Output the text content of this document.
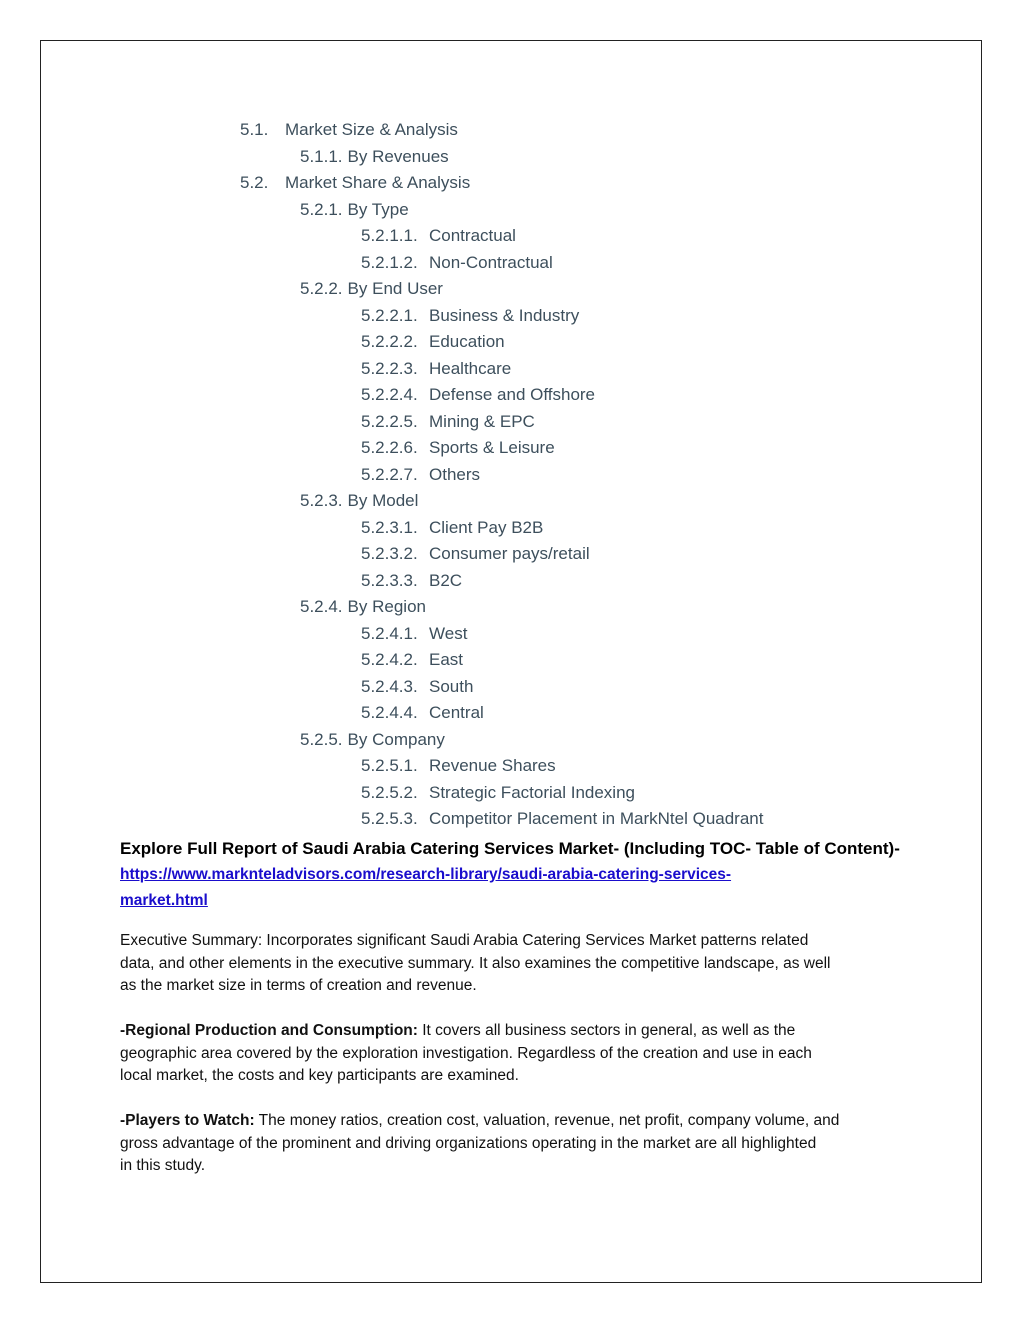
5.1. Market Size & Analysis
5.1.1. By Revenues
5.2. Market Share & Analysis
5.2.1. By Type
5.2.1.1. Contractual
5.2.1.2. Non-Contractual
5.2.2. By End User
5.2.2.1. Business & Industry
5.2.2.2. Education
5.2.2.3. Healthcare
5.2.2.4. Defense and Offshore
5.2.2.5. Mining & EPC
5.2.2.6. Sports & Leisure
5.2.2.7. Others
5.2.3. By Model
5.2.3.1. Client Pay B2B
5.2.3.2. Consumer pays/retail
5.2.3.3. B2C
5.2.4. By Region
5.2.4.1. West
5.2.4.2. East
5.2.4.3. South
5.2.4.4. Central
5.2.5. By Company
5.2.5.1. Revenue Shares
5.2.5.2. Strategic Factorial Indexing
5.2.5.3. Competitor Placement in MarkNtel Quadrant
Explore Full Report of Saudi Arabia Catering Services Market- (Including TOC- Table of Content)- https://www.marknteladvisors.com/research-library/saudi-arabia-catering-services-
market.html
Executive Summary: Incorporates significant Saudi Arabia Catering Services Market patterns related
data, and other elements in the executive summary. It also examines the competitive landscape, as well
as the market size in terms of creation and revenue.
-Regional Production and Consumption: It covers all business sectors in general, as well as the
geographic area covered by the exploration investigation. Regardless of the creation and use in each
local market, the costs and key participants are examined.
-Players to Watch: The money ratios, creation cost, valuation, revenue, net profit, company volume, and
gross advantage of the prominent and driving organizations operating in the market are all highlighted
in this study.
